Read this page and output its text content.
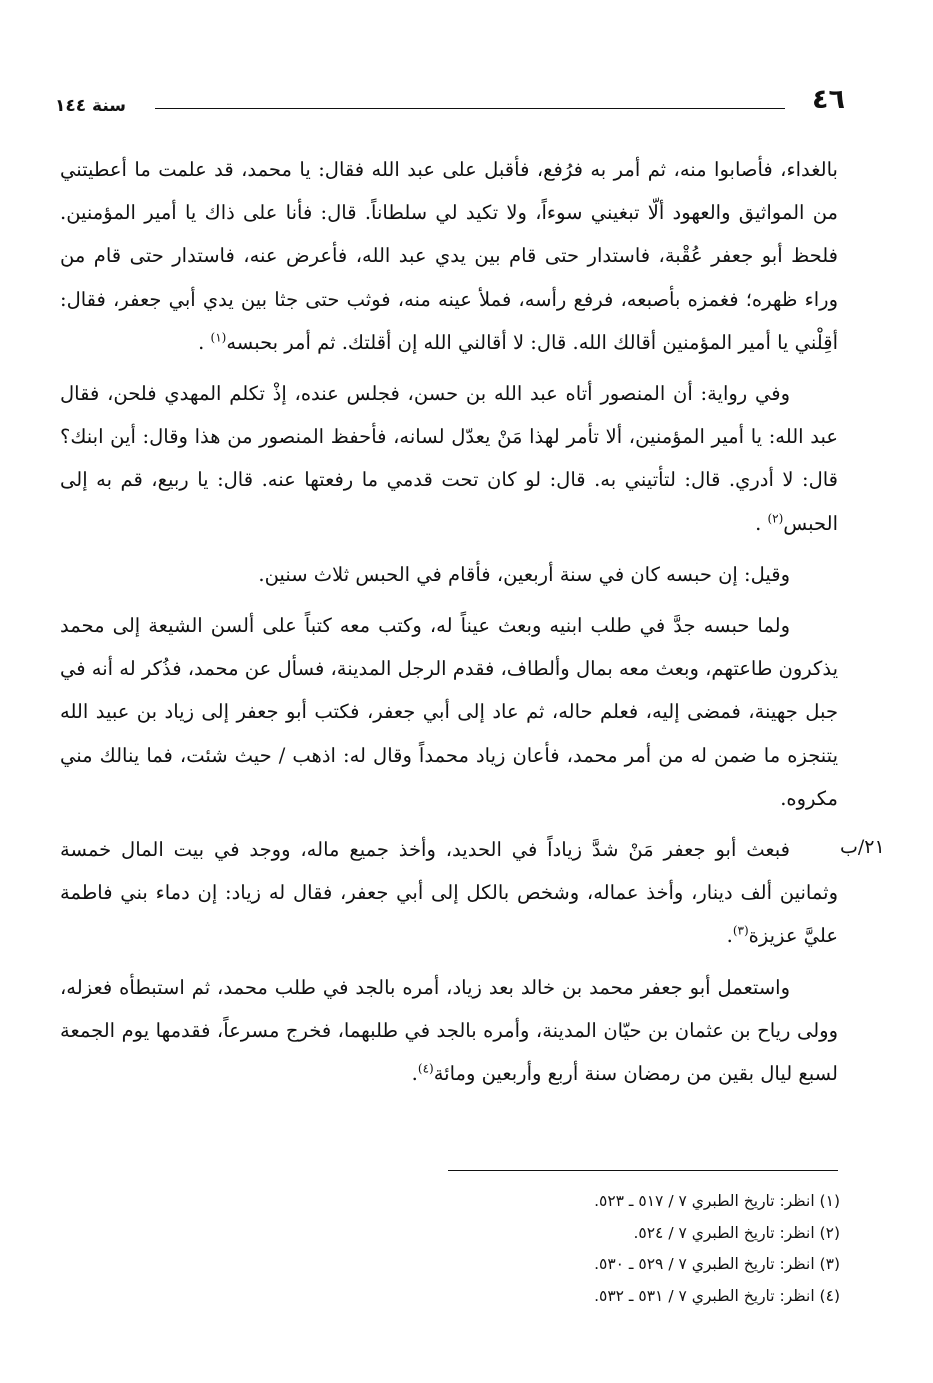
٤٦
سنة ١٤٤

بالغداء، فأصابوا منه، ثم أمر به فرُفع، فأقبل على عبد الله فقال: يا محمد، قد علمت ما أعطيتني من المواثيق والعهود ألّا تبغيني سوءاً، ولا تكيد لي سلطاناً. قال: فأنا على ذاك يا أمير المؤمنين. فلحظ أبو جعفر عُقْبة، فاستدار حتى قام بين يدي عبد الله، فأعرض عنه، فاستدار حتى قام من وراء ظهره؛ فغمزه بأصبعه، فرفع رأسه، فملأ عينه منه، فوثب حتى جثا بين يدي أبي جعفر، فقال: أقِلْني يا أمير المؤمنين أقالك الله. قال: لا أقالني الله إن أقلتك. ثم أمر بحبسه$^{(١)}$ .

وفي رواية: أن المنصور أتاه عبد الله بن حسن، فجلس عنده، إذْ تكلم المهدي فلحن، فقال عبد الله: يا أمير المؤمنين، ألا تأمر لهذا مَنْ يعدّل لسانه، فأحفظ المنصور من هذا وقال: أين ابنك؟ قال: لا أدري. قال: لتأتيني به. قال: لو كان تحت قدمي ما رفعتها عنه. قال: يا ربيع، قم به إلى الحبس$^{(٢)}$ .

وقيل: إن حبسه كان في سنة أربعين، فأقام في الحبس ثلاث سنين.

ولما حبسه جدَّ في طلب ابنيه وبعث عيناً له، وكتب معه كتباً على ألسن الشيعة إلى محمد يذكرون طاعتهم، وبعث معه بمال وألطاف، فقدم الرجل المدينة، فسأل عن محمد، فذُكر له أنه في جبل جهينة، فمضى إليه، فعلم حاله، ثم عاد إلى أبي جعفر، فكتب أبو جعفر إلى زياد بن عبيد الله يتنجزه ما ضمن له من أمر محمد، فأعان زياد محمداً وقال له: اذهب / حيث شئت، فما ينالك مني مكروه.

فبعث أبو جعفر مَنْ شدَّ زياداً في الحديد، وأخذ جميع ماله، ووجد في بيت المال خمسة وثمانين ألف دينار، وأخذ عماله، وشخص بالكل إلى أبي جعفر، فقال له زياد: إن دماء بني فاطمة عليَّ عزيزة$^{(٣)}$.

واستعمل أبو جعفر محمد بن خالد بعد زياد، أمره بالجد في طلب محمد، ثم استبطأه فعزله، وولى رياح بن عثمان بن حيّان المدينة، وأمره بالجد في طلبهما، فخرج مسرعاً، فقدمها يوم الجمعة لسبع ليال بقين من رمضان سنة أربع وأربعين ومائة$^{(٤)}$.

٢١/ب

(١) انظر: تاريخ الطبري ٧ / ٥١٧ ـ ٥٢٣.

(٢) انظر: تاريخ الطبري ٧ / ٥٢٤.

(٣) انظر: تاريخ الطبري ٧ / ٥٢٩ ـ ٥٣٠.

(٤) انظر: تاريخ الطبري ٧ / ٥٣١ ـ ٥٣٢.
